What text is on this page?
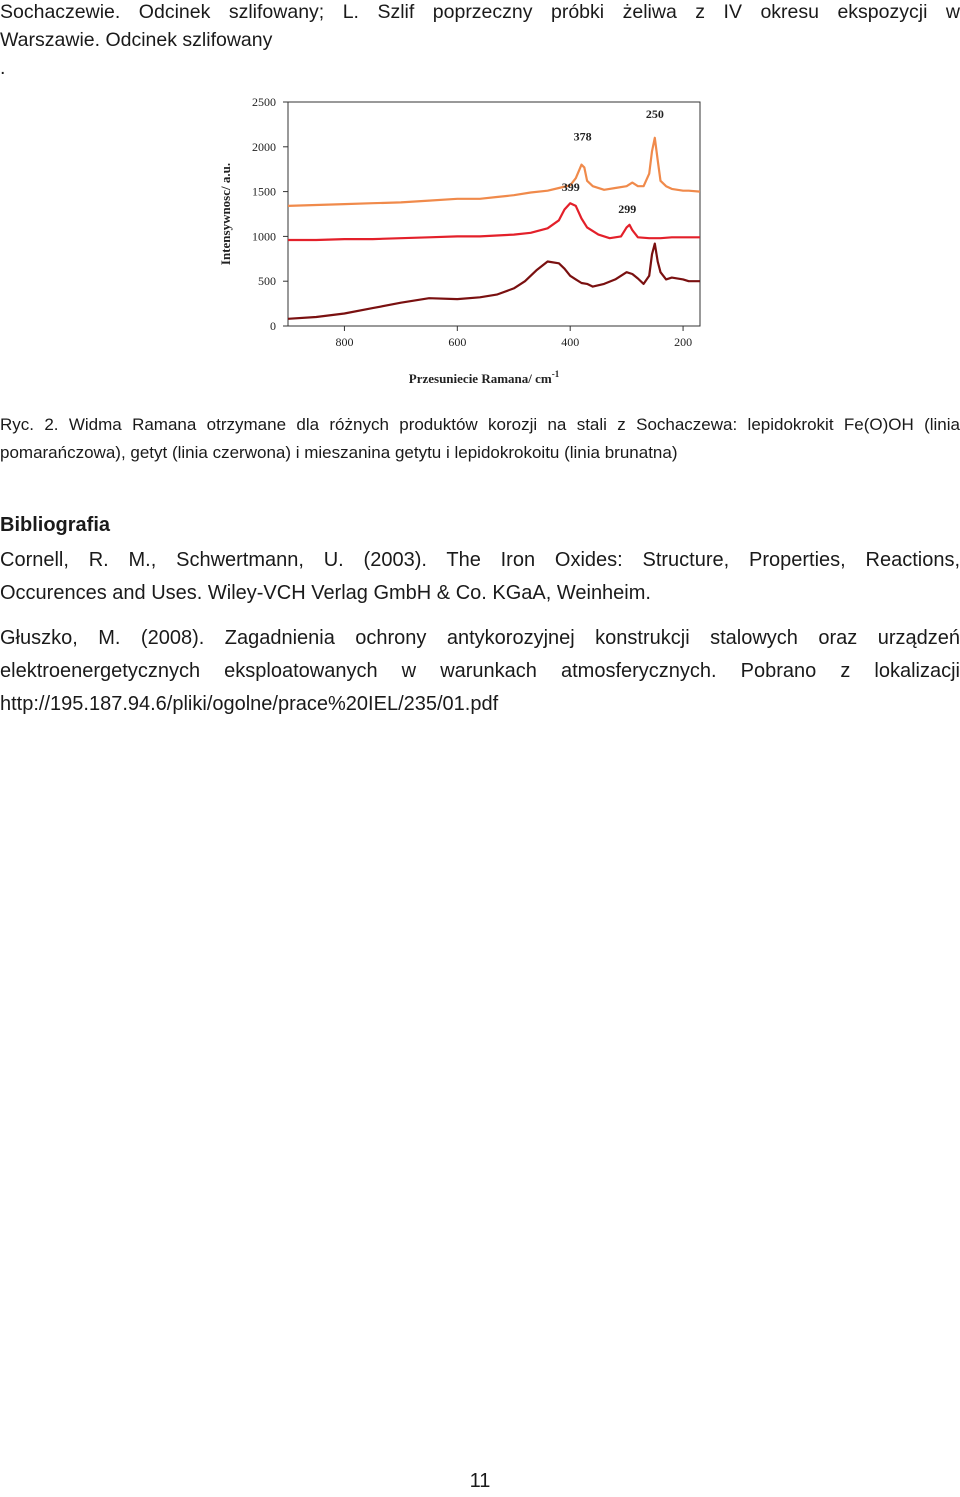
Sochaczewie. Odcinek szlifowany; L. Szlif poprzeczny próbki żeliwa z IV okresu ekspozycji w
Warszawie. Odcinek szlifowany
.
0
500
1000
1500
2000
2500
800	600	400	200
Przesuniecie Ramana/ $cm^{-1}$
Intensywnosc/ a.u.
378
250
399
299
Ryc. 2. Widma Ramana otrzymane dla różnych produktów korozji na stali z Sochaczewa: lepidokrokit Fe(O)OH (linia
pomarańczowa), getyt (linia czerwona) i mieszanina getytu i lepidokrokoitu (linia brunatna)
Bibliografia
Cornell, R. M., Schwertmann, U. (2003). The Iron Oxides: Structure, Properties, Reactions,
Occurences and Uses. Wiley-VCH Verlag GmbH & Co. KGaA, Weinheim.
Głuszko, M. (2008). Zagadnienia ochrony antykorozyjnej konstrukcji stalowych oraz urządzeń
elektroenergetycznych eksploatowanych w warunkach atmosferycznych. Pobrano z lokalizacji
http://195.187.94.6/pliki/ogolne/prace%20IEL/235/01.pdf
11
